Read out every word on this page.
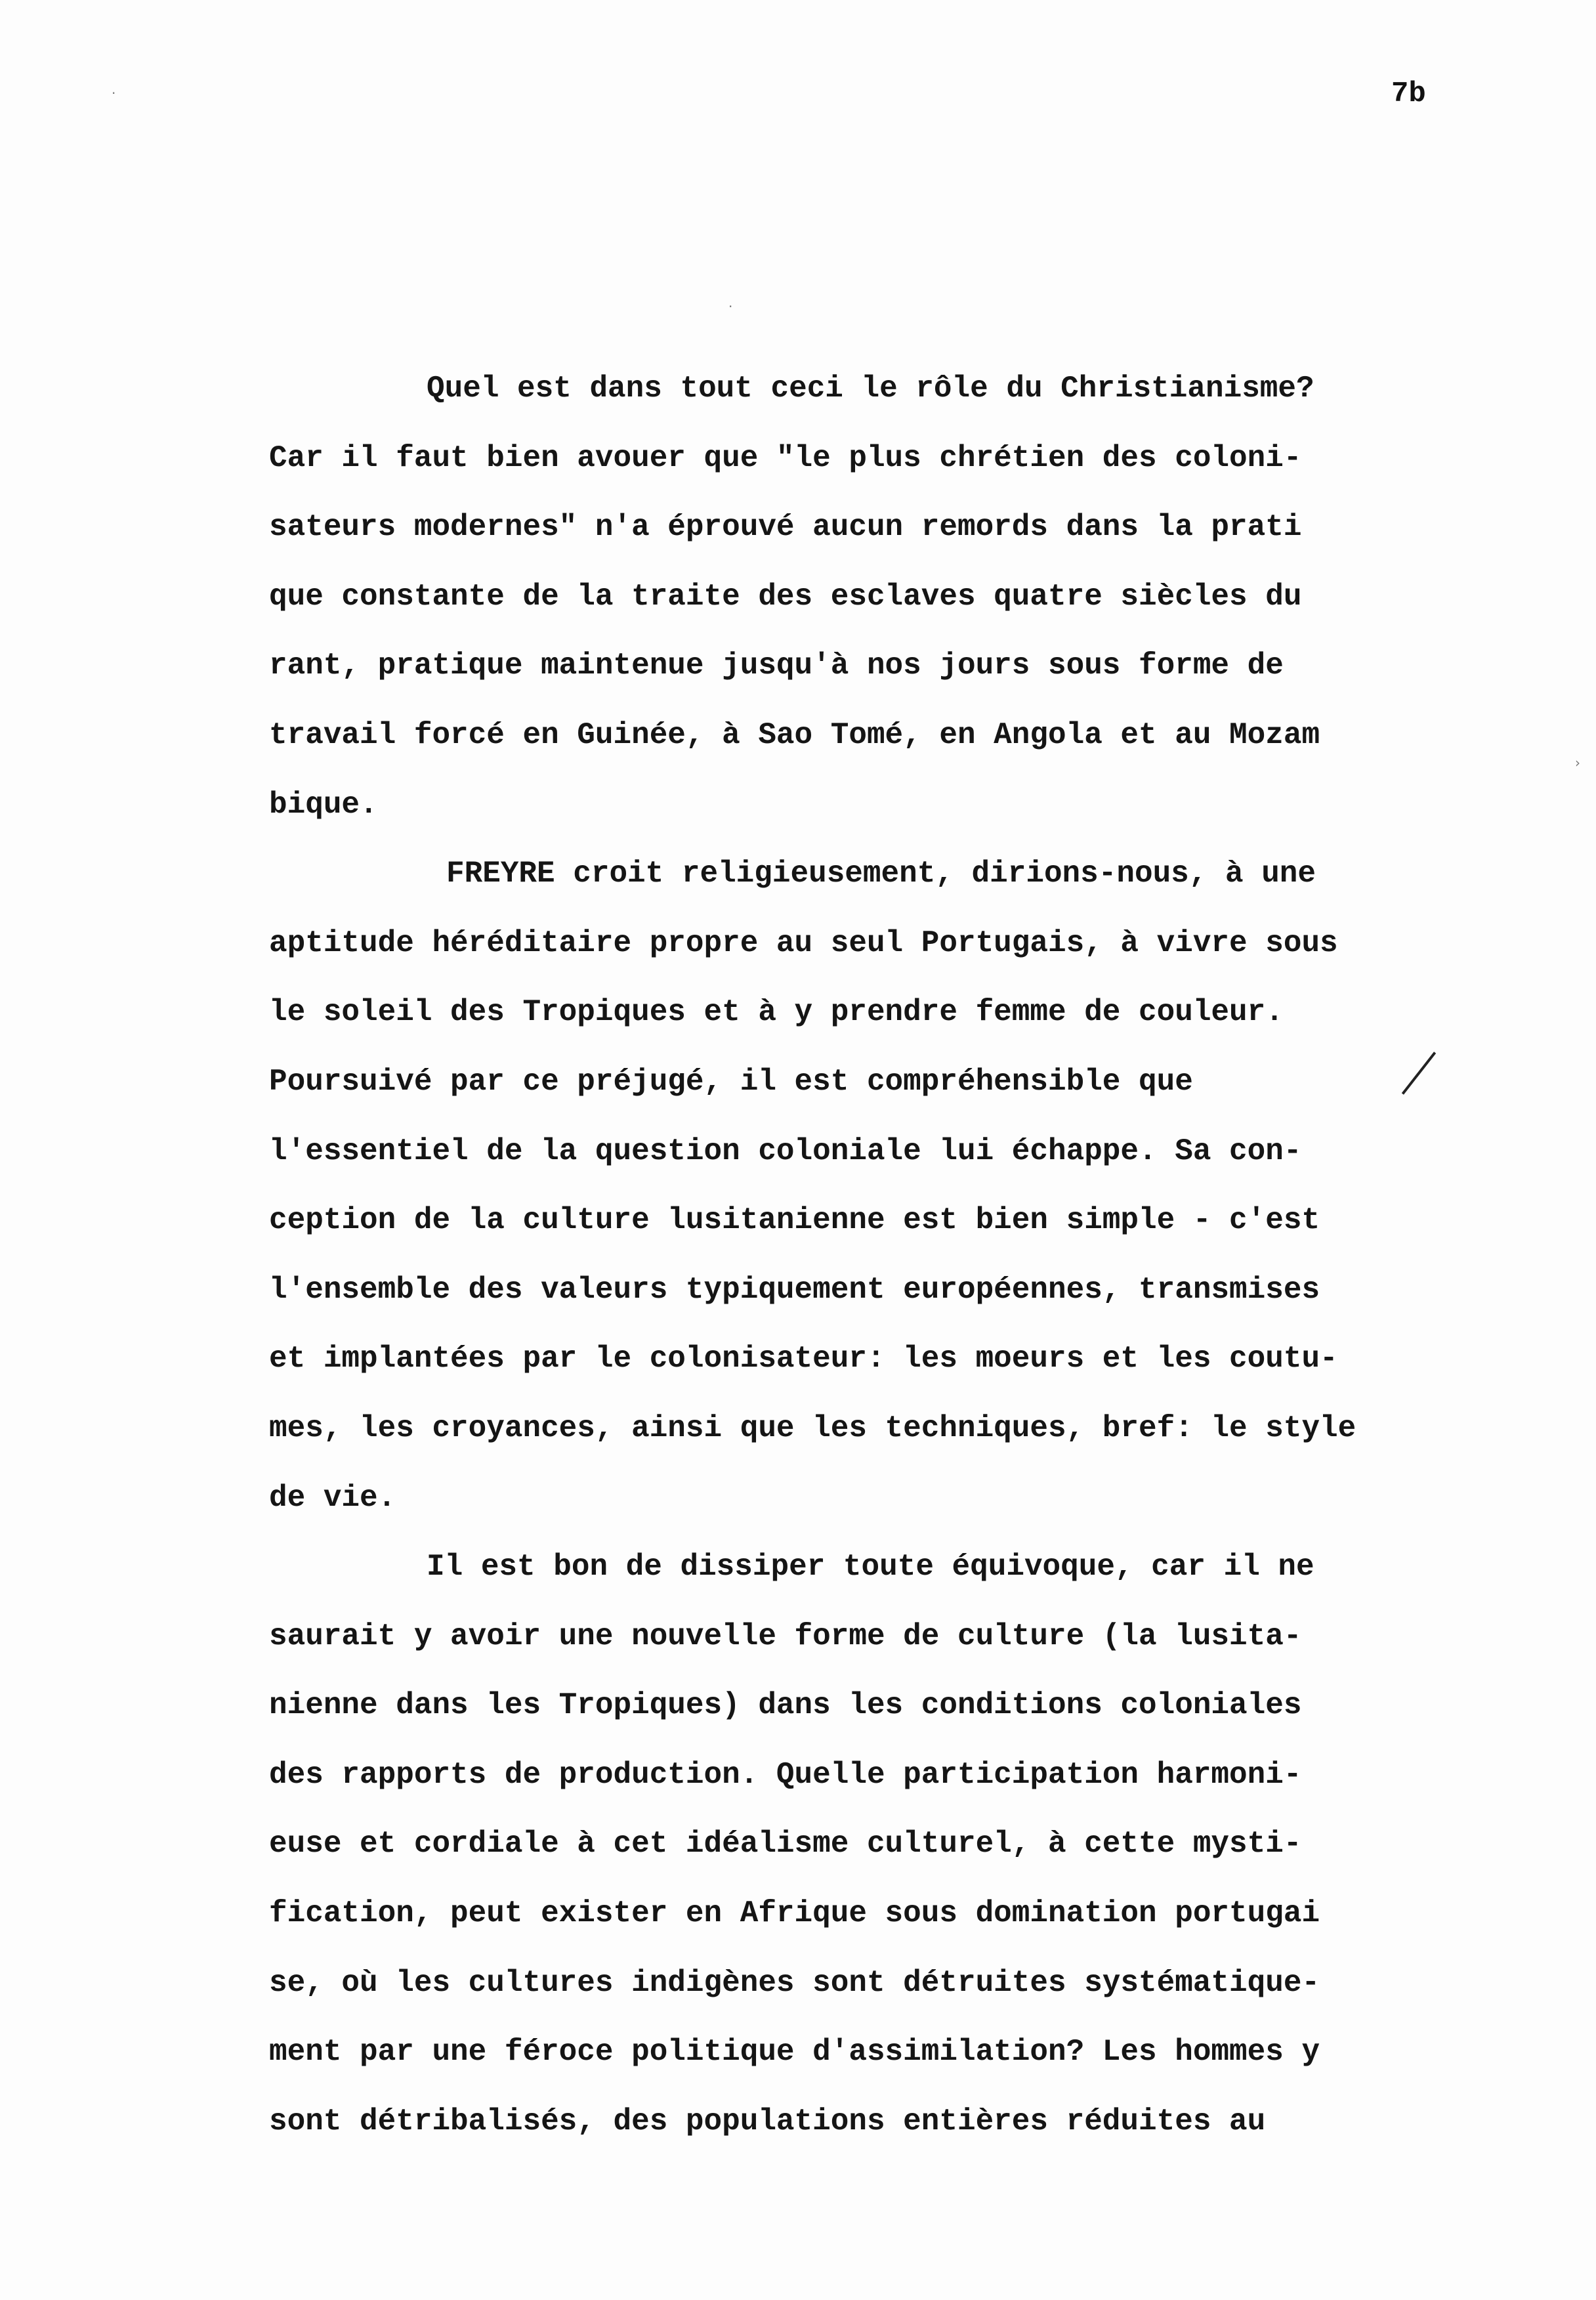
7b
·
·
›
Quel est dans tout ceci le rôle du Christianisme?
Car il faut bien avouer que "le plus chrétien des coloni-
sateurs modernes" n'a éprouvé aucun remords dans la prati
que constante de la traite des esclaves quatre siècles du
rant, pratique maintenue jusqu'à nos jours sous forme de
travail forcé en Guinée, à Sao Tomé, en Angola et au Mozam
bique.
FREYRE croit religieusement, dirions-nous, à une
aptitude héréditaire propre au seul Portugais, à vivre sous
le soleil des Tropiques et à y prendre femme de couleur.
Poursuivé par ce préjugé, il est compréhensible que
l'essentiel de la question coloniale lui échappe. Sa con-
ception de la culture lusitanienne est bien simple - c'est
l'ensemble des valeurs typiquement européennes, transmises
et implantées par le colonisateur: les moeurs et les coutu-
mes, les croyances, ainsi que les techniques, bref: le style
de vie.
Il est bon de dissiper toute équivoque, car il ne
saurait y avoir une nouvelle forme de culture (la lusita-
nienne dans les Tropiques) dans les conditions coloniales
des rapports de production. Quelle participation harmoni-
euse et cordiale à cet idéalisme culturel, à cette mysti-
fication, peut exister en Afrique sous domination portugai
se, où les cultures indigènes sont détruites systématique-
ment par une féroce politique d'assimilation? Les hommes y
sont détribalisés, des populations entières réduites au
